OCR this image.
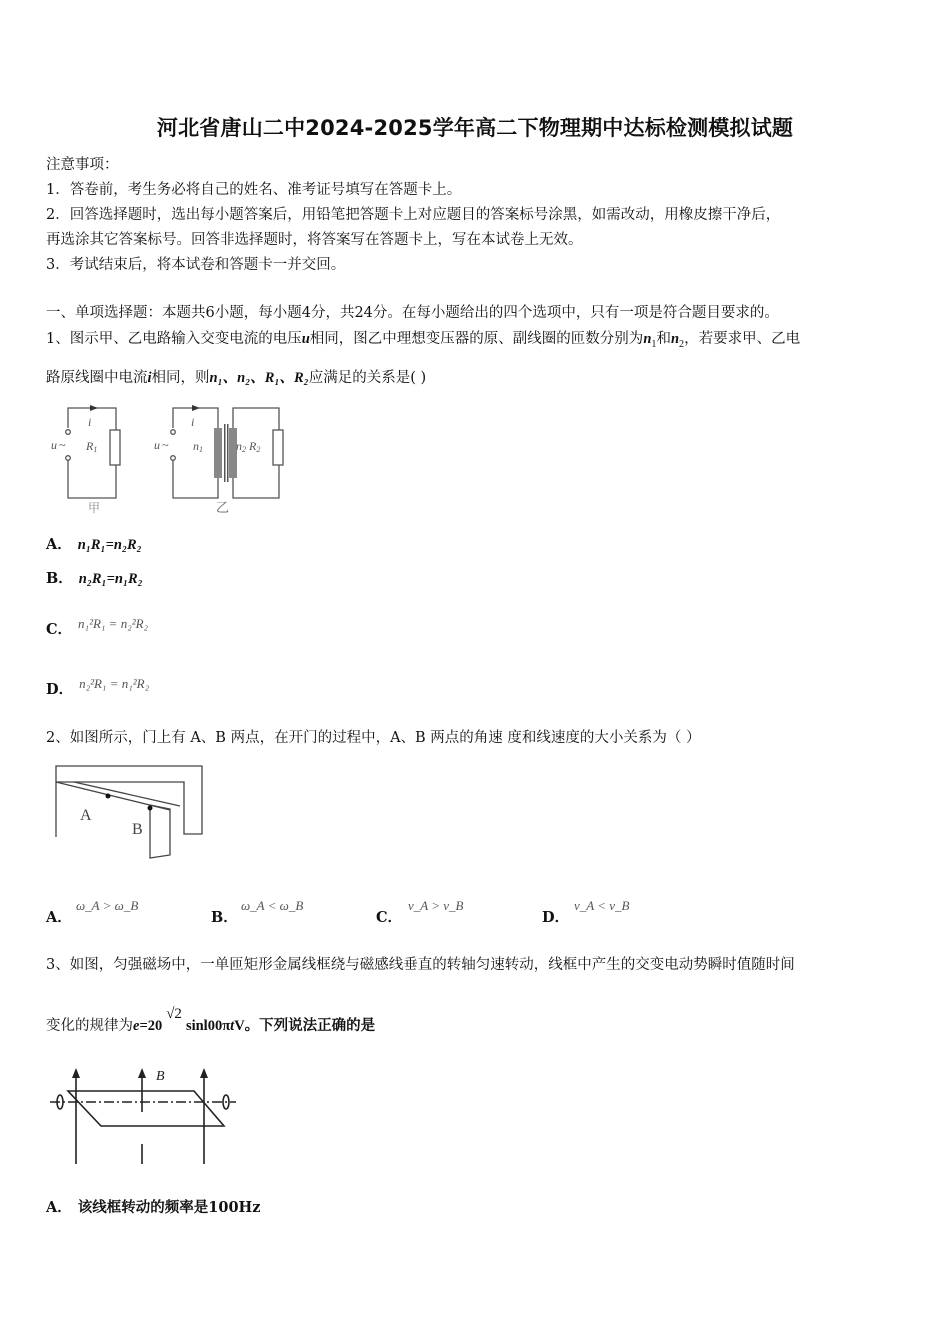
河北省唐山二中2024-2025学年高二下物理期中达标检测模拟试题
注意事项：
1．答卷前，考生务必将自己的姓名、准考证号填写在答题卡上。
2．回答选择题时，选出每小题答案后，用铅笔把答题卡上对应题目的答案标号涂黑，如需改动，用橡皮擦干净后，
再选涂其它答案标号。回答非选择题时，将答案写在答题卡上，写在本试卷上无效。
3．考试结束后，将本试卷和答题卡一并交回。
一、单项选择题：本题共6小题，每小题4分，共24分。在每小题给出的四个选项中，只有一项是符合题目要求的。
1、图示甲、乙电路输入交变电流的电压u相同，图乙中理想变压器的原、副线圈的匝数分别为$n_1$和$n_2$，若要求甲、乙电
路原线圈中电流i相同，则n₁、n₂、R₁、R₂应满足的关系是( )
u ~
i
R1	u ~
i
n1	n2 R2
甲	乙
A． n₁R₁=n₂R₂
B． n₂R₁=n₁R₂
C． n₁²R₁ = n₂²R₂
D． n₂²R₁ = n₁²R₂
2、如图所示，门上有 A、B 两点，在开门的过程中，A、B 两点的角速 度和线速度的大小关系为（ ）
A
B
A．
ω_A > ω_B
B．
ω_A < ω_B
C．
v_A > v_B
D．
v_A < v_B
3、如图，匀强磁场中，一单匝矩形金属线框绕与磁感线垂直的转轴匀速转动，线框中产生的交变电动势瞬时值随时间
变化的规律为e=20√2sinl00πtV。下列说法正确的是
B
A． 该线框转动的频率是100Hz
